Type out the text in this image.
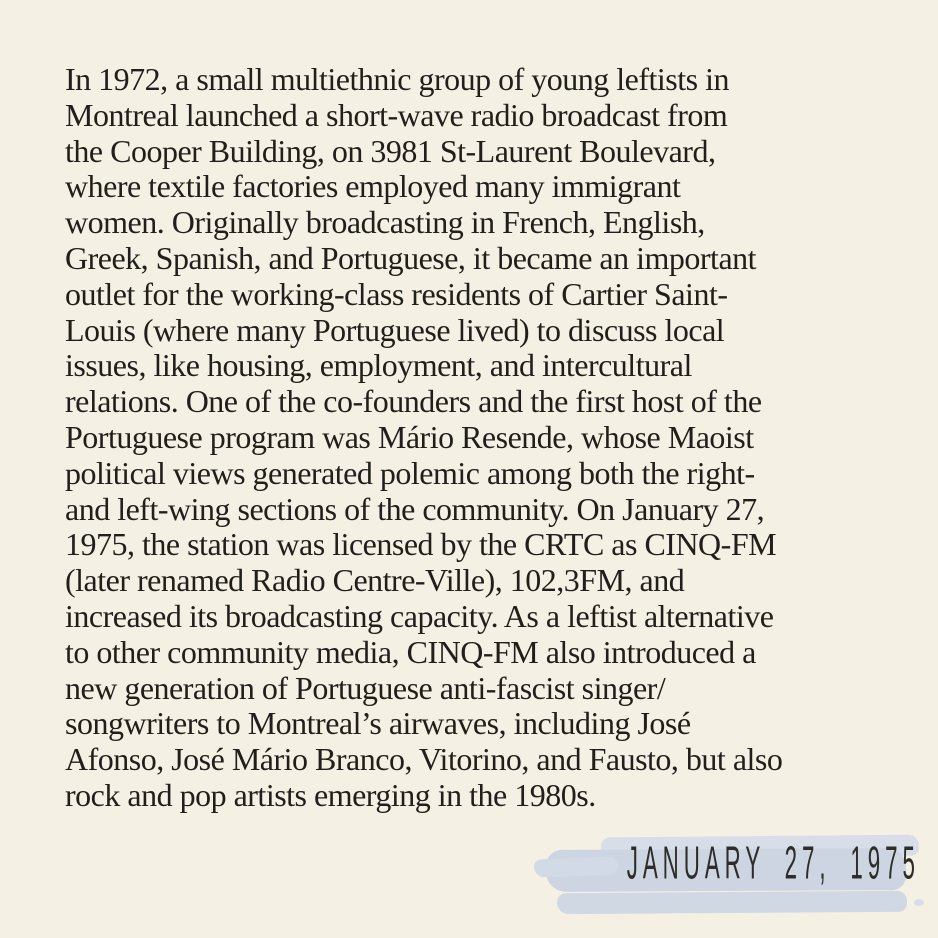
In 1972, a small multiethnic group of young leftists in
Montreal launched a short-wave radio broadcast from
the Cooper Building, on 3981 St-Laurent Boulevard,
where textile factories employed many immigrant
women. Originally broadcasting in French, English,
Greek, Spanish, and Portuguese, it became an important
outlet for the working-class residents of Cartier Saint-
Louis (where many Portuguese lived) to discuss local
issues, like housing, employment, and intercultural
relations. One of the co-founders and the first host of the
Portuguese program was Mário Resende, whose Maoist
political views generated polemic among both the right-
and left-wing sections of the community. On January 27,
1975, the station was licensed by the CRTC as CINQ-FM
(later renamed Radio Centre-Ville), 102,3FM, and
increased its broadcasting capacity. As a leftist alternative
to other community media, CINQ-FM also introduced a
new generation of Portuguese anti-fascist singer/
songwriters to Montreal’s airwaves, including José
Afonso, José Mário Branco, Vitorino, and Fausto, but also
rock and pop artists emerging in the 1980s.
JANUARY 27, 1975
